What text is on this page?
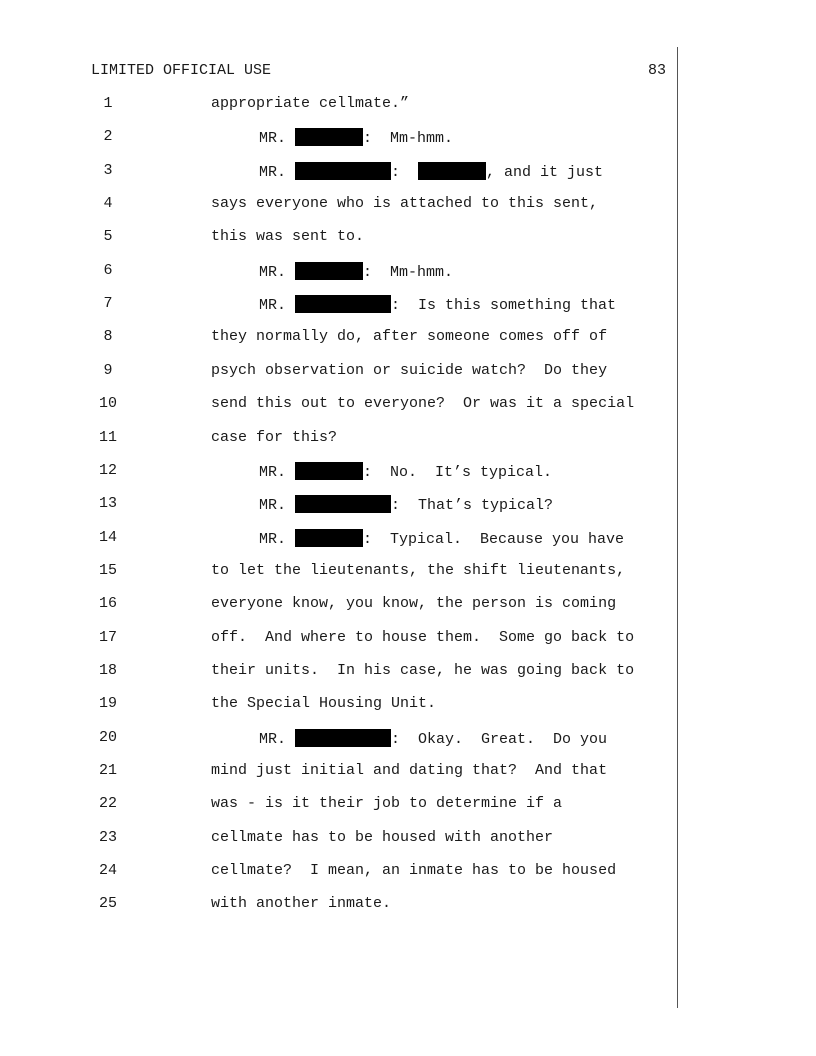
LIMITED OFFICIAL USE	83
1	appropriate cellmate.”
2	MR.	:  Mm-hmm.
3	MR.	:	, and it just
4	says everyone who is attached to this sent,
5	this was sent to.
6	MR.	:  Mm-hmm.
7	MR.	:  Is this something that
8	they normally do, after someone comes off of
9	psych observation or suicide watch?  Do they
10	send this out to everyone?  Or was it a special
11	case for this?
12	MR.	:  No.  It’s typical.
13	MR.	:  That’s typical?
14	MR.	:  Typical.  Because you have
15	to let the lieutenants, the shift lieutenants,
16	everyone know, you know, the person is coming
17	off.  And where to house them.  Some go back to
18	their units.  In his case, he was going back to
19	the Special Housing Unit.
20	MR.	:  Okay.  Great.  Do you
21	mind just initial and dating that?  And that
22	was - is it their job to determine if a
23	cellmate has to be housed with another
24	cellmate?  I mean, an inmate has to be housed
25	with another inmate.
